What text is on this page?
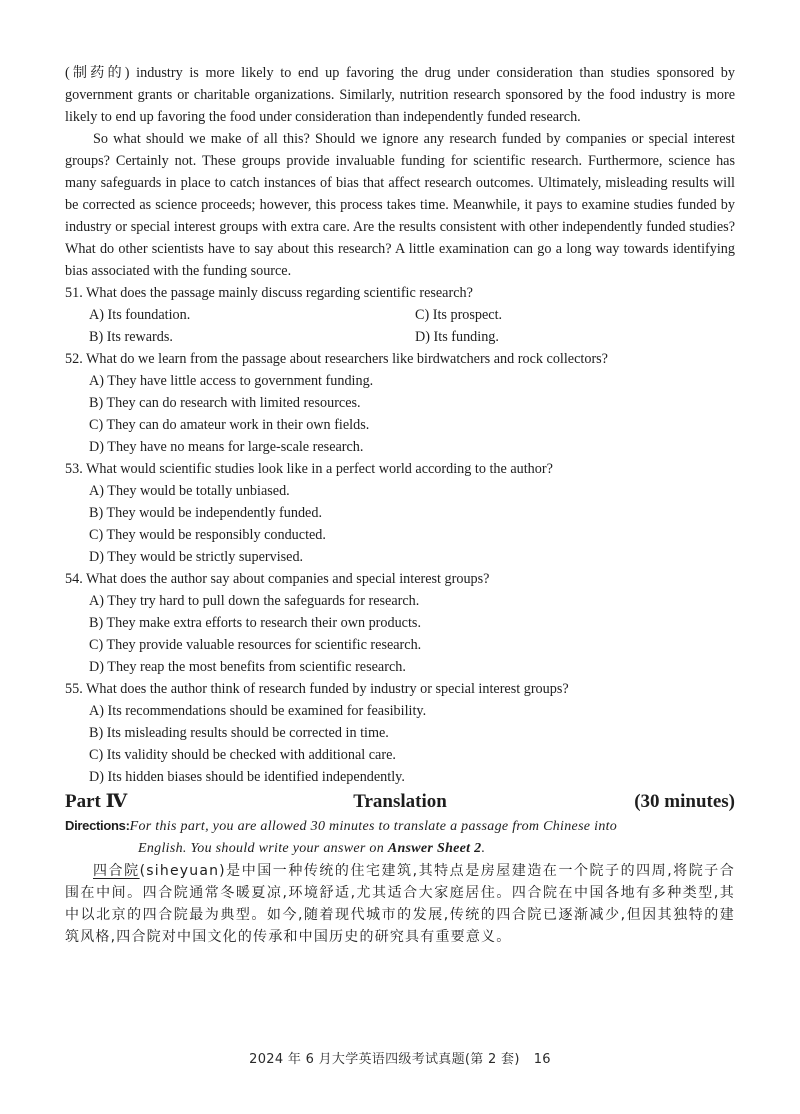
(制药的) industry is more likely to end up favoring the drug under consideration than studies sponsored by government grants or charitable organizations. Similarly, nutrition research sponsored by the food industry is more likely to end up favoring the food under consideration than independently funded research.

So what should we make of all this? Should we ignore any research funded by companies or special interest groups? Certainly not. These groups provide invaluable funding for scientific research. Furthermore, science has many safeguards in place to catch instances of bias that affect research outcomes. Ultimately, misleading results will be corrected as science proceeds; however, this process takes time. Meanwhile, it pays to examine studies funded by industry or special interest groups with extra care. Are the results consistent with other independently funded studies? What do other scientists have to say about this research? A little examination can go a long way towards identifying bias associated with the funding source.

51. What does the passage mainly discuss regarding scientific research?

A) Its foundation.	C) Its prospect.
B) Its rewards.	D) Its funding.

52. What do we learn from the passage about researchers like birdwatchers and rock collectors?

A) They have little access to government funding.

B) They can do research with limited resources.

C) They can do amateur work in their own fields.

D) They have no means for large-scale research.

53. What would scientific studies look like in a perfect world according to the author?

A) They would be totally unbiased.

B) They would be independently funded.

C) They would be responsibly conducted.

D) They would be strictly supervised.

54. What does the author say about companies and special interest groups?

A) They try hard to pull down the safeguards for research.

B) They make extra efforts to research their own products.

C) They provide valuable resources for scientific research.

D) They reap the most benefits from scientific research.

55. What does the author think of research funded by industry or special interest groups?

A) Its recommendations should be examined for feasibility.

B) Its misleading results should be corrected in time.

C) Its validity should be checked with additional care.

D) Its hidden biases should be identified independently.

Part Ⅳ	Translation	(30 minutes)

Directions:For this part, you are allowed 30 minutes to translate a passage from Chinese into
English. You should write your answer on Answer Sheet 2.

四合院(siheyuan)是中国一种传统的住宅建筑,其特点是房屋建造在一个院子的四周,将院子合围在中间。四合院通常冬暖夏凉,环境舒适,尤其适合大家庭居住。四合院在中国各地有多种类型,其中以北京的四合院最为典型。如今,随着现代城市的发展,传统的四合院已逐渐减少,但因其独特的建筑风格,四合院对中国文化的传承和中国历史的研究具有重要意义。

2024 年 6 月大学英语四级考试真题(第 2 套) 16
